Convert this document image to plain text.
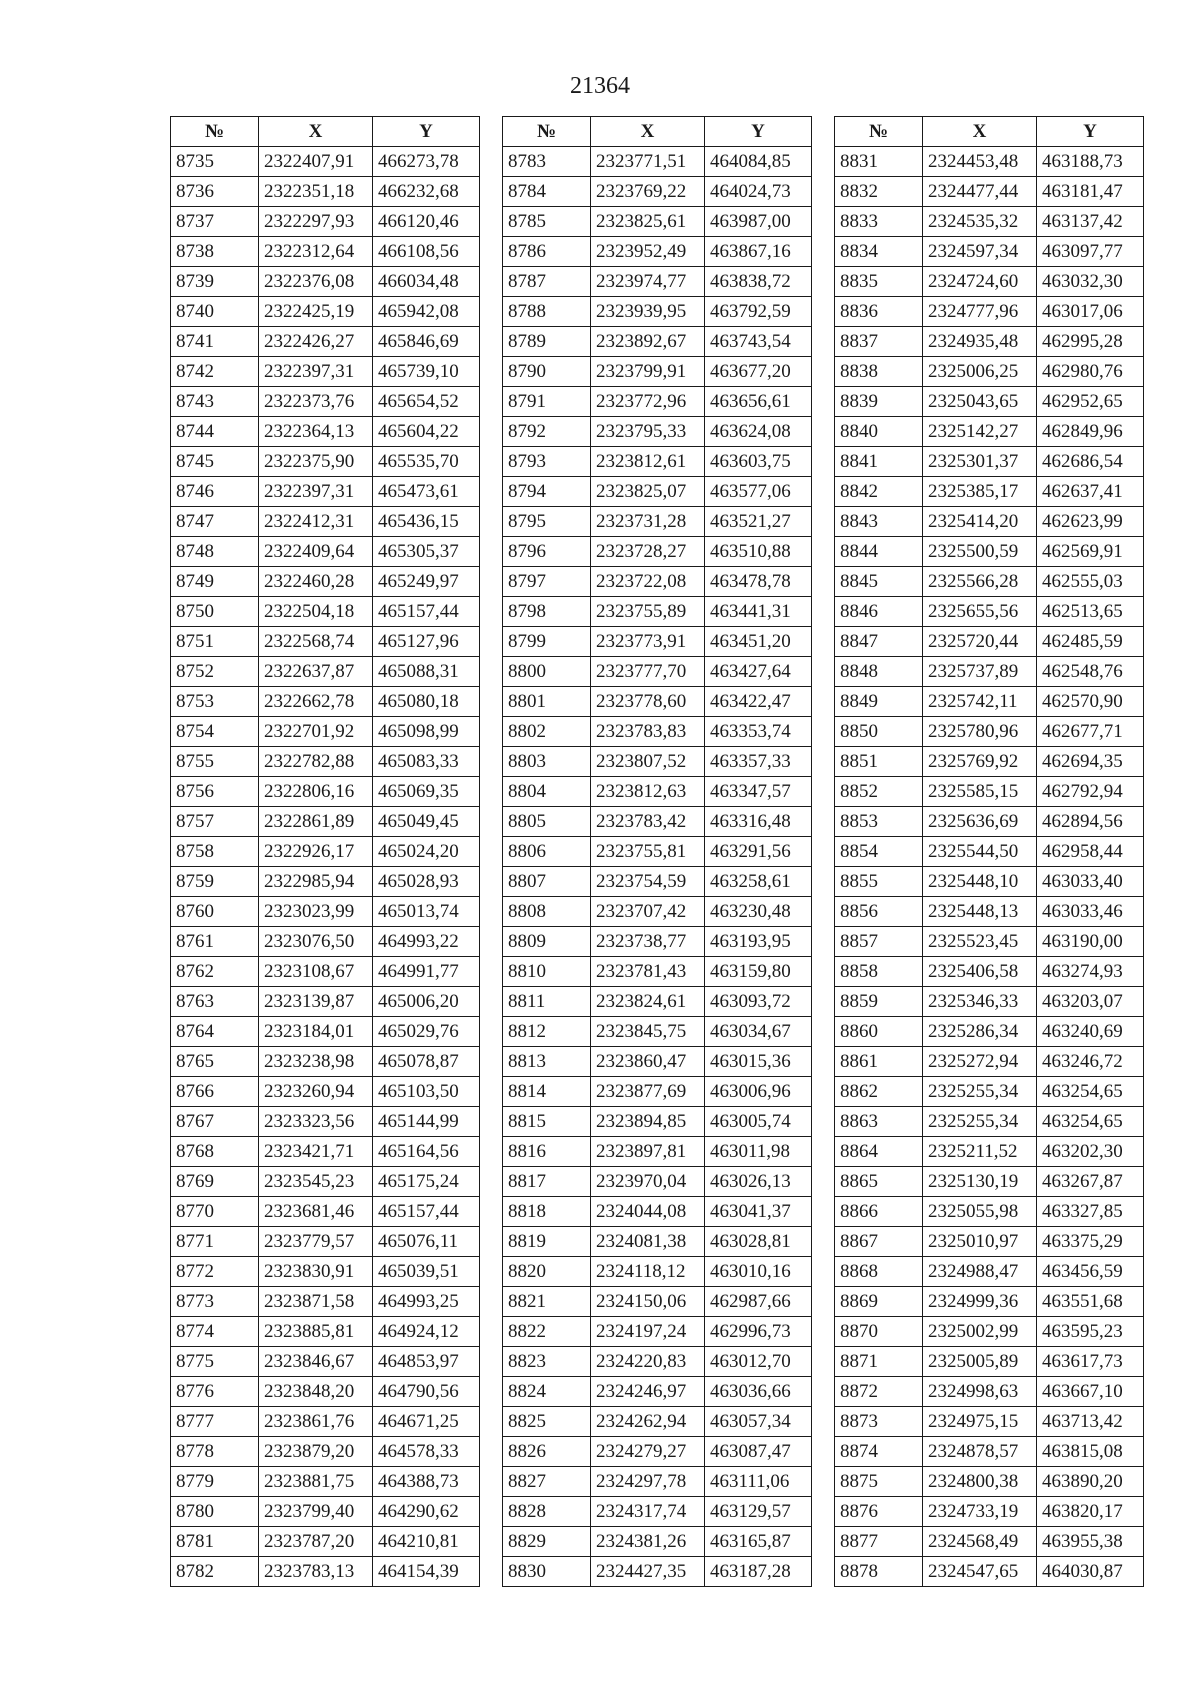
21364
№	X	Y
8735	2322407,91	466273,78
8736	2322351,18	466232,68
8737	2322297,93	466120,46
8738	2322312,64	466108,56
8739	2322376,08	466034,48
8740	2322425,19	465942,08
8741	2322426,27	465846,69
8742	2322397,31	465739,10
8743	2322373,76	465654,52
8744	2322364,13	465604,22
8745	2322375,90	465535,70
8746	2322397,31	465473,61
8747	2322412,31	465436,15
8748	2322409,64	465305,37
8749	2322460,28	465249,97
8750	2322504,18	465157,44
8751	2322568,74	465127,96
8752	2322637,87	465088,31
8753	2322662,78	465080,18
8754	2322701,92	465098,99
8755	2322782,88	465083,33
8756	2322806,16	465069,35
8757	2322861,89	465049,45
8758	2322926,17	465024,20
8759	2322985,94	465028,93
8760	2323023,99	465013,74
8761	2323076,50	464993,22
8762	2323108,67	464991,77
8763	2323139,87	465006,20
8764	2323184,01	465029,76
8765	2323238,98	465078,87
8766	2323260,94	465103,50
8767	2323323,56	465144,99
8768	2323421,71	465164,56
8769	2323545,23	465175,24
8770	2323681,46	465157,44
8771	2323779,57	465076,11
8772	2323830,91	465039,51
8773	2323871,58	464993,25
8774	2323885,81	464924,12
8775	2323846,67	464853,97
8776	2323848,20	464790,56
8777	2323861,76	464671,25
8778	2323879,20	464578,33
8779	2323881,75	464388,73
8780	2323799,40	464290,62
8781	2323787,20	464210,81
8782	2323783,13	464154,39
№	X	Y
8783	2323771,51	464084,85
8784	2323769,22	464024,73
8785	2323825,61	463987,00
8786	2323952,49	463867,16
8787	2323974,77	463838,72
8788	2323939,95	463792,59
8789	2323892,67	463743,54
8790	2323799,91	463677,20
8791	2323772,96	463656,61
8792	2323795,33	463624,08
8793	2323812,61	463603,75
8794	2323825,07	463577,06
8795	2323731,28	463521,27
8796	2323728,27	463510,88
8797	2323722,08	463478,78
8798	2323755,89	463441,31
8799	2323773,91	463451,20
8800	2323777,70	463427,64
8801	2323778,60	463422,47
8802	2323783,83	463353,74
8803	2323807,52	463357,33
8804	2323812,63	463347,57
8805	2323783,42	463316,48
8806	2323755,81	463291,56
8807	2323754,59	463258,61
8808	2323707,42	463230,48
8809	2323738,77	463193,95
8810	2323781,43	463159,80
8811	2323824,61	463093,72
8812	2323845,75	463034,67
8813	2323860,47	463015,36
8814	2323877,69	463006,96
8815	2323894,85	463005,74
8816	2323897,81	463011,98
8817	2323970,04	463026,13
8818	2324044,08	463041,37
8819	2324081,38	463028,81
8820	2324118,12	463010,16
8821	2324150,06	462987,66
8822	2324197,24	462996,73
8823	2324220,83	463012,70
8824	2324246,97	463036,66
8825	2324262,94	463057,34
8826	2324279,27	463087,47
8827	2324297,78	463111,06
8828	2324317,74	463129,57
8829	2324381,26	463165,87
8830	2324427,35	463187,28
№	X	Y
8831	2324453,48	463188,73
8832	2324477,44	463181,47
8833	2324535,32	463137,42
8834	2324597,34	463097,77
8835	2324724,60	463032,30
8836	2324777,96	463017,06
8837	2324935,48	462995,28
8838	2325006,25	462980,76
8839	2325043,65	462952,65
8840	2325142,27	462849,96
8841	2325301,37	462686,54
8842	2325385,17	462637,41
8843	2325414,20	462623,99
8844	2325500,59	462569,91
8845	2325566,28	462555,03
8846	2325655,56	462513,65
8847	2325720,44	462485,59
8848	2325737,89	462548,76
8849	2325742,11	462570,90
8850	2325780,96	462677,71
8851	2325769,92	462694,35
8852	2325585,15	462792,94
8853	2325636,69	462894,56
8854	2325544,50	462958,44
8855	2325448,10	463033,40
8856	2325448,13	463033,46
8857	2325523,45	463190,00
8858	2325406,58	463274,93
8859	2325346,33	463203,07
8860	2325286,34	463240,69
8861	2325272,94	463246,72
8862	2325255,34	463254,65
8863	2325255,34	463254,65
8864	2325211,52	463202,30
8865	2325130,19	463267,87
8866	2325055,98	463327,85
8867	2325010,97	463375,29
8868	2324988,47	463456,59
8869	2324999,36	463551,68
8870	2325002,99	463595,23
8871	2325005,89	463617,73
8872	2324998,63	463667,10
8873	2324975,15	463713,42
8874	2324878,57	463815,08
8875	2324800,38	463890,20
8876	2324733,19	463820,17
8877	2324568,49	463955,38
8878	2324547,65	464030,87
